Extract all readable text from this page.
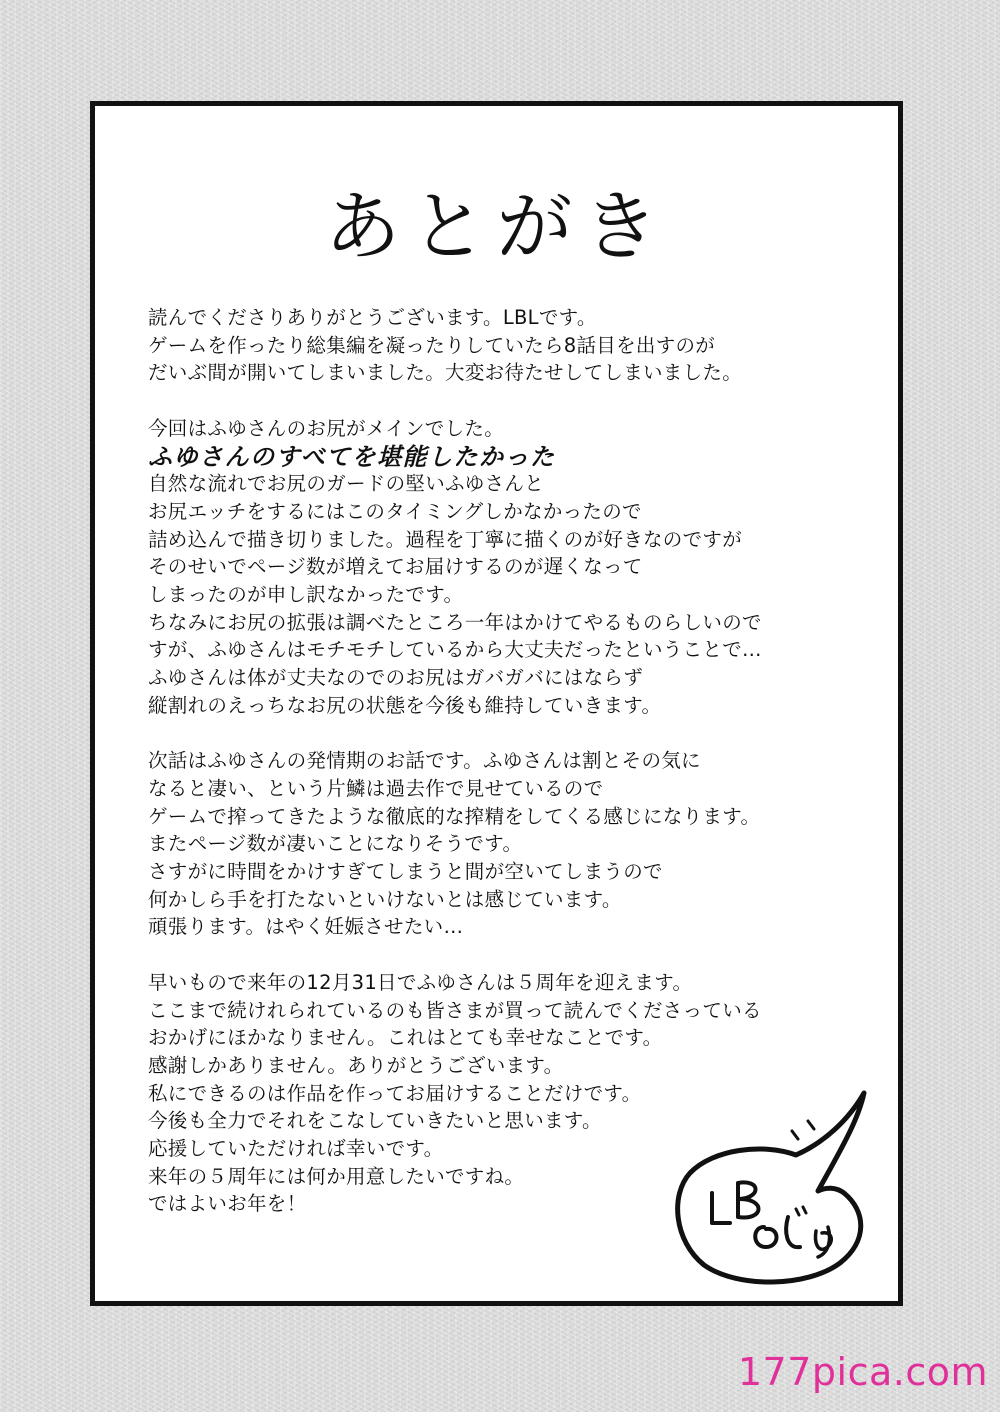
あとがき
読んでくださりありがとうございます。LBLです。
ゲームを作ったり総集編を凝ったりしていたら8話目を出すのが
だいぶ間が開いてしまいました。大変お待たせしてしまいました。
今回はふゆさんのお尻がメインでした。
ふゆさんのすべてを堪能したかった
自然な流れでお尻のガードの堅いふゆさんと
お尻エッチをするにはこのタイミングしかなかったので
詰め込んで描き切りました。過程を丁寧に描くのが好きなのですが
そのせいでページ数が増えてお届けするのが遅くなって
しまったのが申し訳なかったです。
ちなみにお尻の拡張は調べたところ一年はかけてやるものらしいので
すが、ふゆさんはモチモチしているから大丈夫だったということで…
ふゆさんは体が丈夫なのでのお尻はガバガバにはならず
縦割れのえっちなお尻の状態を今後も維持していきます。
次話はふゆさんの発情期のお話です。ふゆさんは割とその気に
なると凄い、という片鱗は過去作で見せているので
ゲームで搾ってきたような徹底的な搾精をしてくる感じになります。
またページ数が凄いことになりそうです。
さすがに時間をかけすぎてしまうと間が空いてしまうので
何かしら手を打たないといけないとは感じています。
頑張ります。はやく妊娠させたい…
早いもので来年の12月31日でふゆさんは５周年を迎えます。
ここまで続けれられているのも皆さまが買って読んでくださっている
おかげにほかなりません。これはとても幸せなことです。
感謝しかありません。ありがとうございます。
私にできるのは作品を作ってお届けすることだけです。
今後も全力でそれをこなしていきたいと思います。
応援していただければ幸いです。
来年の５周年には何か用意したいですね。
ではよいお年を！
177pica.com
